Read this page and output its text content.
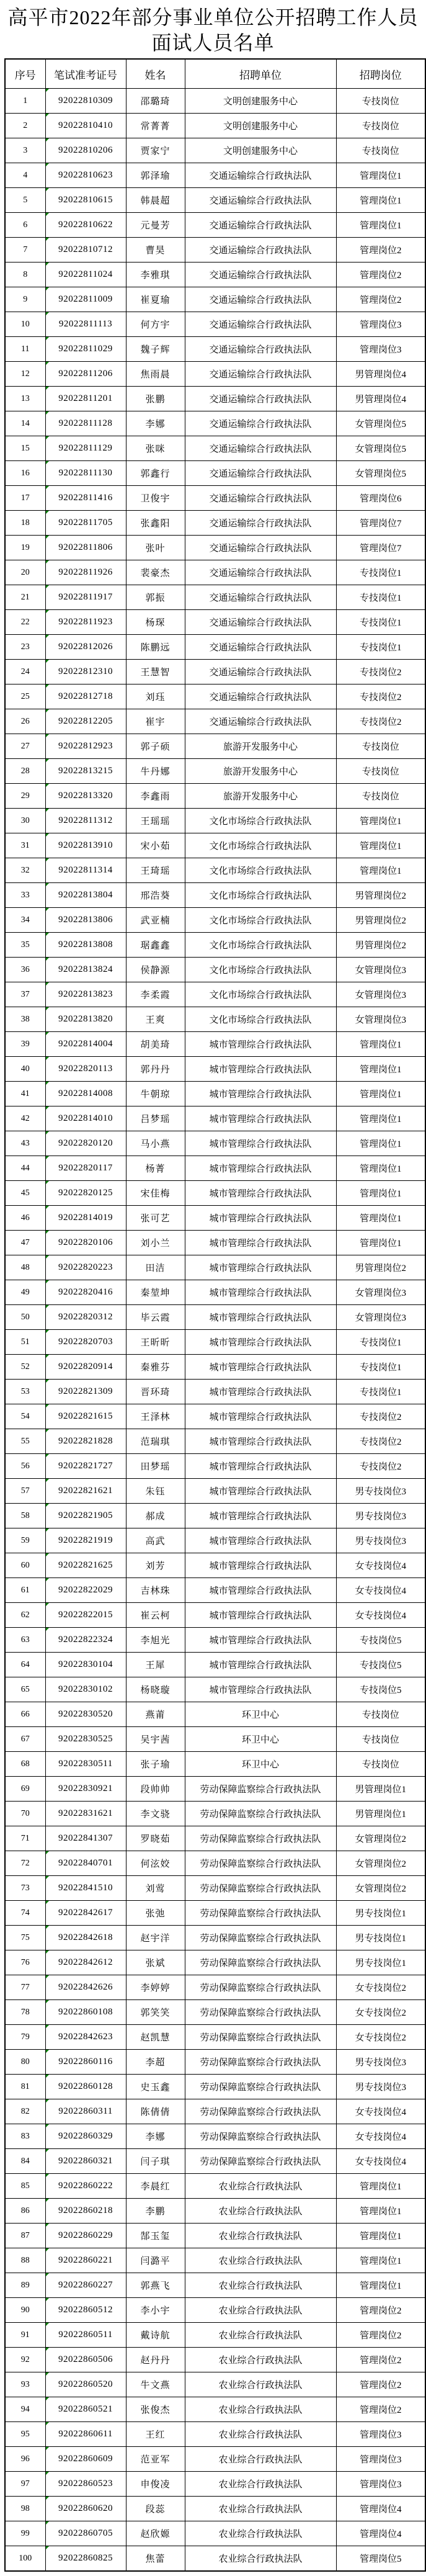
高平市2022年部分事业单位公开招聘工作人员
面试人员名单
序号	笔试准考证号	姓名	招聘单位	招聘岗位
1	92022810309	邵璐琦	文明创建服务中心	专技岗位
2	92022810410	常菁菁	文明创建服务中心	专技岗位
3	92022810206	贾家宁	文明创建服务中心	专技岗位
4	92022810623	郭泽瑜	交通运输综合行政执法队	管理岗位1
5	92022810615	韩晨超	交通运输综合行政执法队	管理岗位1
6	92022810622	元曼芳	交通运输综合行政执法队	管理岗位1
7	92022810712	曹昊	交通运输综合行政执法队	管理岗位2
8	92022811024	李雅琪	交通运输综合行政执法队	管理岗位2
9	92022811009	崔夏瑜	交通运输综合行政执法队	管理岗位2
10	92022811113	何方宇	交通运输综合行政执法队	管理岗位3
11	92022811029	魏子辉	交通运输综合行政执法队	管理岗位3
12	92022811206	焦雨晨	交通运输综合行政执法队	男管理岗位4
13	92022811201	张鹏	交通运输综合行政执法队	男管理岗位4
14	92022811128	李娜	交通运输综合行政执法队	女管理岗位5
15	92022811129	张咪	交通运输综合行政执法队	女管理岗位5
16	92022811130	郭鑫行	交通运输综合行政执法队	女管理岗位5
17	92022811416	卫俊宇	交通运输综合行政执法队	管理岗位6
18	92022811705	张鑫阳	交通运输综合行政执法队	管理岗位7
19	92022811806	张叶	交通运输综合行政执法队	管理岗位7
20	92022811926	裴豪杰	交通运输综合行政执法队	专技岗位1
21	92022811917	郭振	交通运输综合行政执法队	专技岗位1
22	92022811923	杨琛	交通运输综合行政执法队	专技岗位1
23	92022812026	陈鹏远	交通运输综合行政执法队	专技岗位1
24	92022812310	王慧智	交通运输综合行政执法队	专技岗位2
25	92022812718	刘珏	交通运输综合行政执法队	专技岗位2
26	92022812205	崔宇	交通运输综合行政执法队	专技岗位2
27	92022812923	郭子硕	旅游开发服务中心	专技岗位
28	92022813215	牛丹娜	旅游开发服务中心	专技岗位
29	92022813320	李鑫雨	旅游开发服务中心	专技岗位
30	92022811312	王瑶瑶	文化市场综合行政执法队	管理岗位1
31	92022813910	宋小茹	文化市场综合行政执法队	管理岗位1
32	92022811314	王琦瑶	文化市场综合行政执法队	管理岗位1
33	92022813804	邢浩葵	文化市场综合行政执法队	男管理岗位2
34	92022813806	武亚楠	文化市场综合行政执法队	男管理岗位2
35	92022813808	琚鑫鑫	文化市场综合行政执法队	男管理岗位2
36	92022813824	侯静源	文化市场综合行政执法队	女管理岗位3
37	92022813823	李柔霞	文化市场综合行政执法队	女管理岗位3
38	92022813820	王爽	文化市场综合行政执法队	女管理岗位3
39	92022814004	胡美琦	城市管理综合行政执法队	管理岗位1
40	92022820113	郭丹丹	城市管理综合行政执法队	管理岗位1
41	92022814008	牛朝琼	城市管理综合行政执法队	管理岗位1
42	92022814010	吕梦瑶	城市管理综合行政执法队	管理岗位1
43	92022820120	马小燕	城市管理综合行政执法队	管理岗位1
44	92022820117	杨菁	城市管理综合行政执法队	管理岗位1
45	92022820125	宋佳梅	城市管理综合行政执法队	管理岗位1
46	92022814019	张可艺	城市管理综合行政执法队	管理岗位1
47	92022820106	刘小兰	城市管理综合行政执法队	管理岗位1
48	92022820223	田洁	城市管理综合行政执法队	男管理岗位2
49	92022820416	秦堃坤	城市管理综合行政执法队	女管理岗位3
50	92022820312	毕云霞	城市管理综合行政执法队	女管理岗位3
51	92022820703	王昕昕	城市管理综合行政执法队	专技岗位1
52	92022820914	秦雅芬	城市管理综合行政执法队	专技岗位1
53	92022821309	晋环琦	城市管理综合行政执法队	专技岗位1
54	92022821615	王泽林	城市管理综合行政执法队	专技岗位2
55	92022821828	范瑞琪	城市管理综合行政执法队	专技岗位2
56	92022821727	田梦瑶	城市管理综合行政执法队	专技岗位2
57	92022821621	朱钰	城市管理综合行政执法队	男专技岗位3
58	92022821905	郝成	城市管理综合行政执法队	男专技岗位3
59	92022821919	高武	城市管理综合行政执法队	男专技岗位3
60	92022821625	刘芳	城市管理综合行政执法队	女专技岗位4
61	92022822029	吉林珠	城市管理综合行政执法队	女专技岗位4
62	92022822015	崔云柯	城市管理综合行政执法队	女专技岗位4
63	92022822324	李旭光	城市管理综合行政执法队	专技岗位5
64	92022830104	王犀	城市管理综合行政执法队	专技岗位5
65	92022830102	杨晓璇	城市管理综合行政执法队	专技岗位5
66	92022830520	燕莆	环卫中心	专技岗位
67	92022830525	吴宇茜	环卫中心	专技岗位
68	92022830511	张子瑜	环卫中心	专技岗位
69	92022830921	段帅帅	劳动保障监察综合行政执法队	男管理岗位1
70	92022831621	李文骁	劳动保障监察综合行政执法队	男管理岗位1
71	92022841307	罗晓茹	劳动保障监察综合行政执法队	女管理岗位2
72	92022840701	何泫姣	劳动保障监察综合行政执法队	女管理岗位2
73	92022841510	刘莺	劳动保障监察综合行政执法队	女管理岗位2
74	92022842617	张弛	劳动保障监察综合行政执法队	男专技岗位1
75	92022842618	赵宇洋	劳动保障监察综合行政执法队	男专技岗位1
76	92022842612	张斌	劳动保障监察综合行政执法队	男专技岗位1
77	92022842626	李婷婷	劳动保障监察综合行政执法队	女专技岗位2
78	92022860108	郭笑笑	劳动保障监察综合行政执法队	女专技岗位2
79	92022842623	赵凯慧	劳动保障监察综合行政执法队	女专技岗位2
80	92022860116	李超	劳动保障监察综合行政执法队	男专技岗位3
81	92022860128	史玉鑫	劳动保障监察综合行政执法队	男专技岗位3
82	92022860311	陈倩倩	劳动保障监察综合行政执法队	女专技岗位4
83	92022860329	李娜	劳动保障监察综合行政执法队	女专技岗位4
84	92022860321	闫子琪	劳动保障监察综合行政执法队	女专技岗位4
85	92022860222	李晨红	农业综合行政执法队	管理岗位1
86	92022860218	李鹏	农业综合行政执法队	管理岗位1
87	92022860229	郜玉玺	农业综合行政执法队	管理岗位1
88	92022860221	闫潞平	农业综合行政执法队	管理岗位1
89	92022860227	郭燕飞	农业综合行政执法队	管理岗位1
90	92022860512	李小宇	农业综合行政执法队	管理岗位2
91	92022860511	戴诗航	农业综合行政执法队	管理岗位2
92	92022860506	赵丹丹	农业综合行政执法队	管理岗位2
93	92022860520	牛文燕	农业综合行政执法队	管理岗位2
94	92022860521	张俊杰	农业综合行政执法队	管理岗位2
95	92022860611	王红	农业综合行政执法队	管理岗位3
96	92022860609	范亚军	农业综合行政执法队	管理岗位3
97	92022860523	申俊凌	农业综合行政执法队	管理岗位3
98	92022860620	段蕊	农业综合行政执法队	管理岗位4
99	92022860705	赵欣嫄	农业综合行政执法队	管理岗位4
100	92022860825	焦蕾	农业综合行政执法队	管理岗位5
